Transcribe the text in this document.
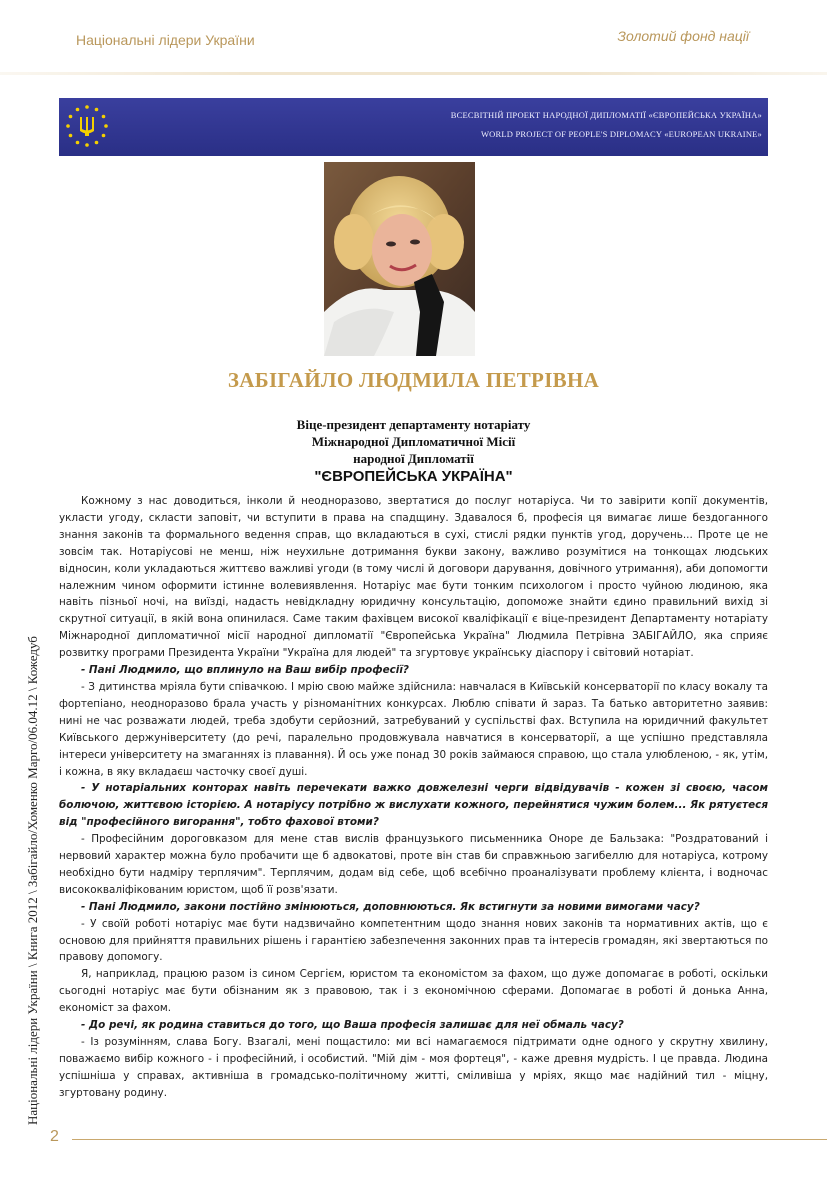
Національні лідери України	Золотий фонд нації
ВСЕСВІТНІЙ ПРОЕКТ НАРОДНОЇ ДИПЛОМАТІЇ «ЄВРОПЕЙСЬКА УКРАЇНА»
WORLD PROJECT OF PEOPLE'S DIPLOMACY «EUROPEAN UKRAINE»
ЗАБІГАЙЛО ЛЮДМИЛА ПЕТРІВНА
Віце-президент департаменту нотаріату
Міжнародної Дипломатичної Місії
народної Дипломатії
"ЄВРОПЕЙСЬКА УКРАЇНА"

Кожному з нас доводиться, інколи й неодноразово, звертатися до послуг нотаріуса. Чи то завірити копії документів, укласти угоду, скласти заповіт, чи вступити в права на спадщину. Здавалося б, професія ця вимагає лише бездоганного знання законів та формального ведення справ, що вкладаються в сухі, стислі рядки пунктів угод, доручень... Проте це не зовсім так. Нотаріусові не менш, ніж неухильне дотримання букви закону, важливо розумітися на тонкощах людських відносин, коли укладаються життєво важливі угоди (в тому числі й договори дарування, довічного утримання), аби допомогти належним чином оформити істинне волевиявлення. Нотаріус має бути тонким психологом і просто чуйною людиною, яка навіть пізньої ночі, на виїзді, надасть невідкладну юридичну консультацію, допоможе знайти єдино правильний вихід зі скрутної ситуації, в якій вона опинилася. Саме таким фахівцем високої кваліфікації є віце-президент Департаменту нотаріату Міжнародної дипломатичної місії народної дипломатії "Європейська Україна" Людмила Петрівна ЗАБІГАЙЛО, яка сприяє розвитку програми Президента України "Україна для людей" та згуртовує українську діаспору і світовий нотаріат.

- Пані Людмило, що вплинуло на Ваш вибір професії?

- З дитинства мріяла бути співачкою. І мрію свою майже здійснила: навчалася в Київській консерваторії по класу вокалу та фортепіано, неодноразово брала участь у різноманітних конкурсах. Люблю співати й зараз. Та батько авторитетно заявив: нині не час розважати людей, треба здобути серйозний, затребуваний у суспільстві фах. Вступила на юридичний факультет Київського держуніверситету (до речі, паралельно продовжувала навчатися в консерваторії, а ще успішно представляла інтереси університету на змаганнях із плавання). Й ось уже понад 30 років займаюся справою, що стала улюбленою, - як, утім, і кожна, в яку вкладаєш часточку своєї душі.

- У нотаріальних конторах навіть перечекати важко довжелезні черги відвідувачів - кожен зі своєю, часом болючою, життєвою історією. А нотаріусу потрібно ж вислухати кожного, перейнятися чужим болем... Як рятуєтеся від "професійного вигорання", тобто фахової втоми?

- Професійним дороговказом для мене став вислів французького письменника Оноре де Бальзака: "Роздратований і нервовий характер можна було пробачити ще б адвокатові, проте він став би справжньою загибеллю для нотаріуса, котрому необхідно бути надміру терплячим". Терплячим, додам від себе, щоб всебічно проаналізувати проблему клієнта, і водночас висококваліфікованим юристом, щоб її розв'язати.

- Пані Людмило, закони постійно змінюються, доповнюються. Як встигнути за новими вимогами часу?

- У своїй роботі нотаріус має бути надзвичайно компетентним щодо знання нових законів та нормативних актів, що є основою для прийняття правильних рішень і гарантією забезпечення законних прав та інтересів громадян, які звертаються по правову допомогу.

Я, наприклад, працюю разом із сином Сергієм, юристом та економістом за фахом, що дуже допомагає в роботі, оскільки сьогодні нотаріус має бути обізнаним як з правовою, так і з економічною сферами. Допомагає в роботі й донька Анна, економіст за фахом.

- До речі, як родина ставиться до того, що Ваша професія залишає для неї обмаль часу?

- Із розумінням, слава Богу. Взагалі, мені пощастило: ми всі намагаємося підтримати одне одного у скрутну хвилину, поважаємо вибір кожного - і професійний, і особистий. "Мій дім - моя фортеця", - каже древня мудрість. І це правда. Людина успішніша у справах, активніша в громадсько-політичному житті, сміливіша у мріях, якщо має надійний тил - міцну, згуртовану родину.

Національні лідери України \ Книга 2012 \ Забігайло/Хоменко Марго/06.04.12 \ Кожедуб
2
